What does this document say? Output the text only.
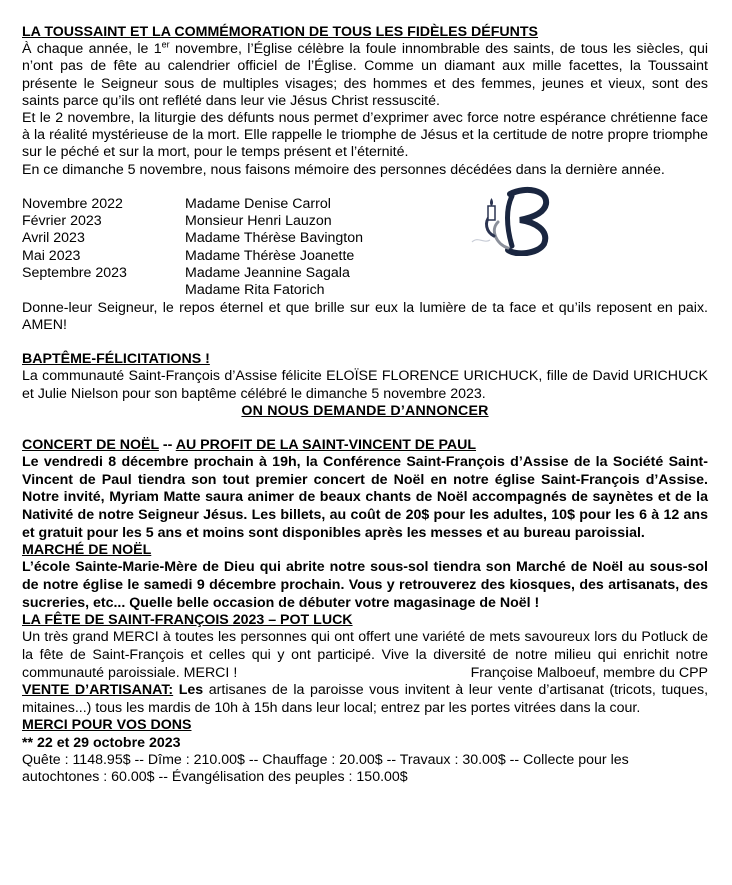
LA TOUSSAINT ET LA COMMÉMORATION DE TOUS LES FIDÈLES DÉFUNTS

À chaque année, le 1er novembre, l’Église célèbre la foule innombrable des saints, de tous les siècles, qui n’ont pas de fête au calendrier officiel de l’Église. Comme un diamant aux mille facettes, la Toussaint présente le Seigneur sous de multiples visages; des hommes et des femmes, jeunes et vieux, sont des saints parce qu’ils ont reflété dans leur vie Jésus Christ ressuscité.

Et le 2 novembre, la liturgie des défunts nous permet d’exprimer avec force notre espérance chrétienne face à la réalité mystérieuse de la mort. Elle rappelle le triomphe de Jésus et la certitude de notre propre triomphe sur le péché et sur la mort, pour le temps présent et l’éternité.

En ce dimanche 5 novembre, nous faisons mémoire des personnes décédées dans la dernière année.

Novembre 2022	Madame Denise Carrol
Février 2023	Monsieur Henri Lauzon
Avril 2023	Madame Thérèse Bavington
Mai 2023	Madame Thérèse Joanette
Septembre 2023	Madame Jeannine Sagala
Madame Rita Fatorich

Donne-leur Seigneur, le repos éternel et que brille sur eux la lumière de ta face et qu’ils reposent en paix. AMEN!

BAPTÊME-FÉLICITATIONS !

La communauté Saint-François d’Assise félicite ELOÏSE FLORENCE URICHUCK, fille de David URICHUCK et Julie Nielson pour son baptême célébré le dimanche 5 novembre 2023.

ON NOUS DEMANDE D’ANNONCER

CONCERT DE NOËL -- AU PROFIT DE LA SAINT-VINCENT DE PAUL

Le vendredi 8 décembre prochain à 19h, la Conférence Saint-François d’Assise de la Société Saint-Vincent de Paul tiendra son tout premier concert de Noël en notre église Saint-François d’Assise. Notre invité, Myriam Matte saura animer de beaux chants de Noël accompagnés de saynètes et de la Nativité de notre Seigneur Jésus. Les billets, au coût de 20$ pour les adultes, 10$ pour les 6 à 12 ans et gratuit pour les 5 ans et moins sont disponibles après les messes et au bureau paroissial.

MARCHÉ DE NOËL

L’école Sainte-Marie-Mère de Dieu qui abrite notre sous-sol tiendra son Marché de Noël au sous-sol de notre église le samedi 9 décembre prochain. Vous y retrouverez des kiosques, des artisanats, des sucreries, etc... Quelle belle occasion de débuter votre magasinage de Noël !

LA FÊTE DE SAINT-FRANÇOIS 2023 – POT LUCK

Un très grand MERCI à toutes les personnes qui ont offert une variété de mets savoureux lors du Potluck de la fête de Saint-François et celles qui y ont participé. Vive la diversité de notre milieu qui enrichit notre communauté paroissiale. MERCI !	Françoise Malboeuf, membre du CPP

VENTE D’ARTISANAT: Les artisanes de la paroisse vous invitent à leur vente d’artisanat (tricots, tuques, mitaines...) tous les mardis de 10h à 15h dans leur local; entrez par les portes vitrées dans la cour.

MERCI POUR VOS DONS

** 22 et 29 octobre 2023

Quête : 1148.95$ -- Dîme : 210.00$ -- Chauffage : 20.00$ -- Travaux : 30.00$ -- Collecte pour les autochtones : 60.00$ -- Évangélisation des peuples : 150.00$
